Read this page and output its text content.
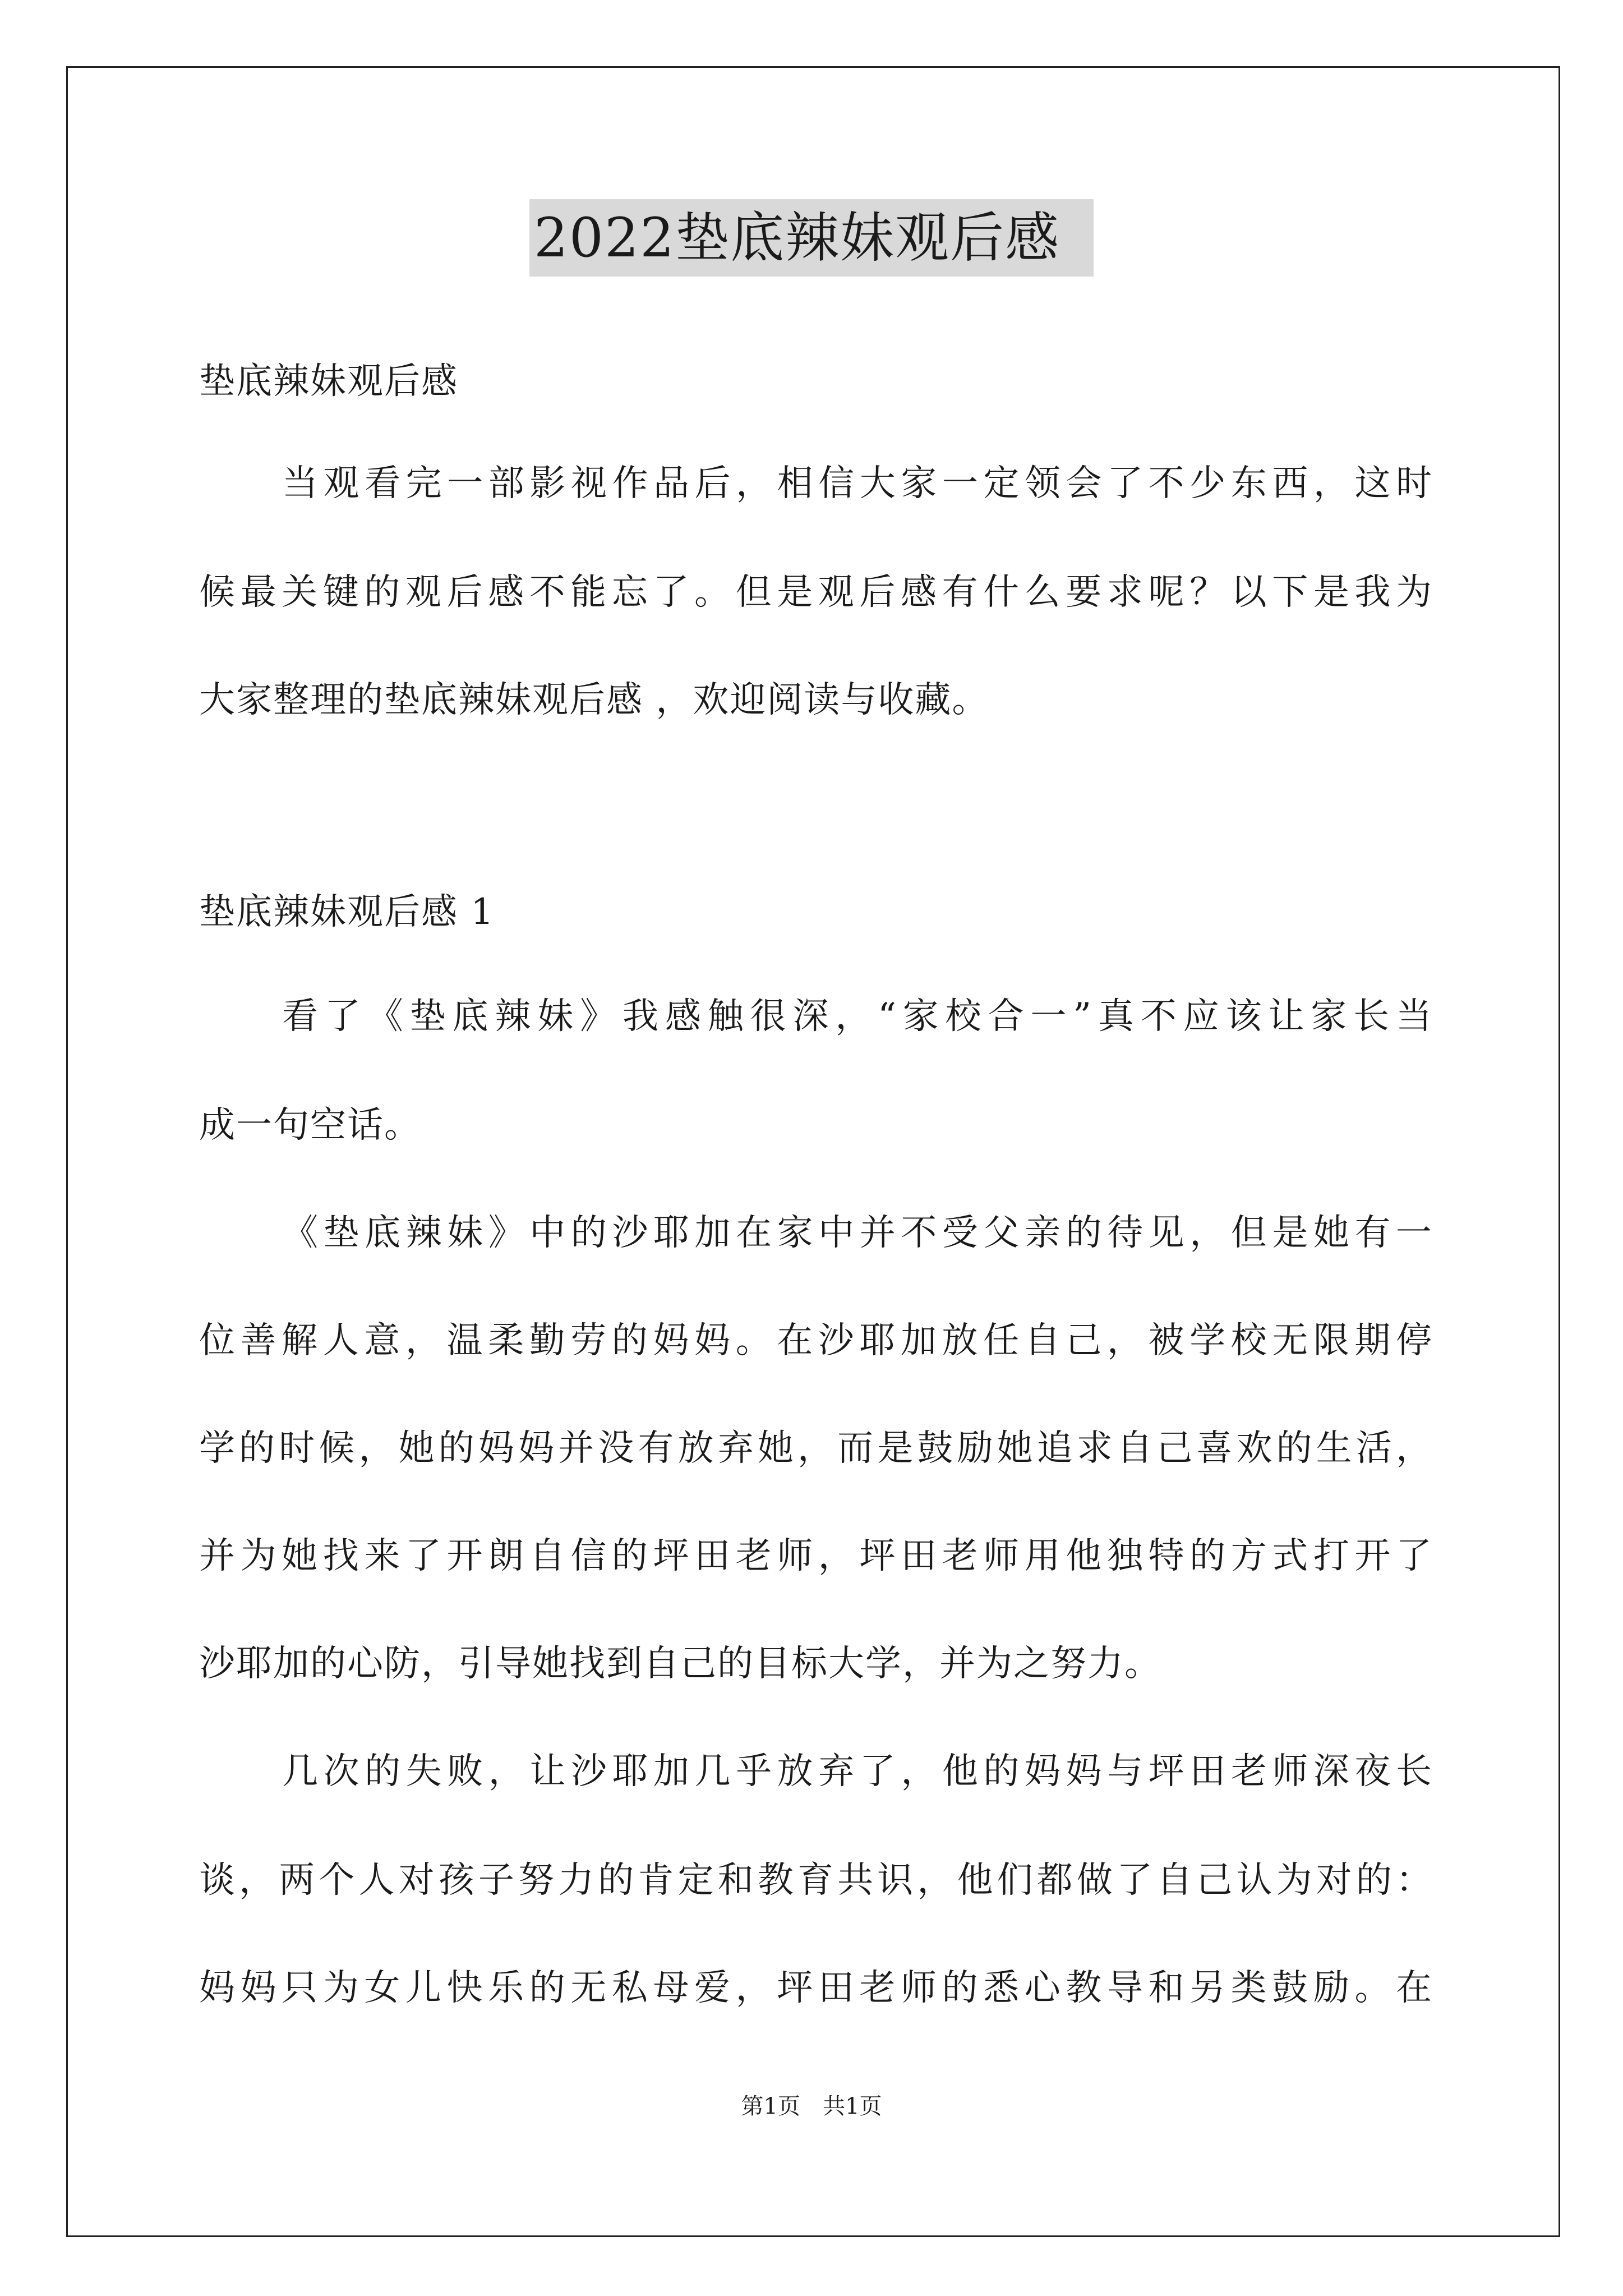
2022垫底辣妹观后感
垫底辣妹观后感
当观看完一部影视作品后，相信大家一定领会了不少东西，这时
候最关键的观后感不能忘了。但是观后感有什么要求呢？以下是我为
大家整理的垫底辣妹观后感 ，欢迎阅读与收藏。
垫底辣妹观后感 1
看了《垫底辣妹》我感触很深，“家校合一”真不应该让家长当
成一句空话。
《垫底辣妹》中的沙耶加在家中并不受父亲的待见，但是她有一
位善解人意，温柔勤劳的妈妈。在沙耶加放任自己，被学校无限期停
学的时候，她的妈妈并没有放弃她，而是鼓励她追求自己喜欢的生活，
并为她找来了开朗自信的坪田老师，坪田老师用他独特的方式打开了
沙耶加的心防，引导她找到自己的目标大学，并为之努力。
几次的失败，让沙耶加几乎放弃了，他的妈妈与坪田老师深夜长
谈，两个人对孩子努力的肯定和教育共识，他们都做了自己认为对的：
妈妈只为女儿快乐的无私母爱，坪田老师的悉心教导和另类鼓励。在
第1页　共1页
